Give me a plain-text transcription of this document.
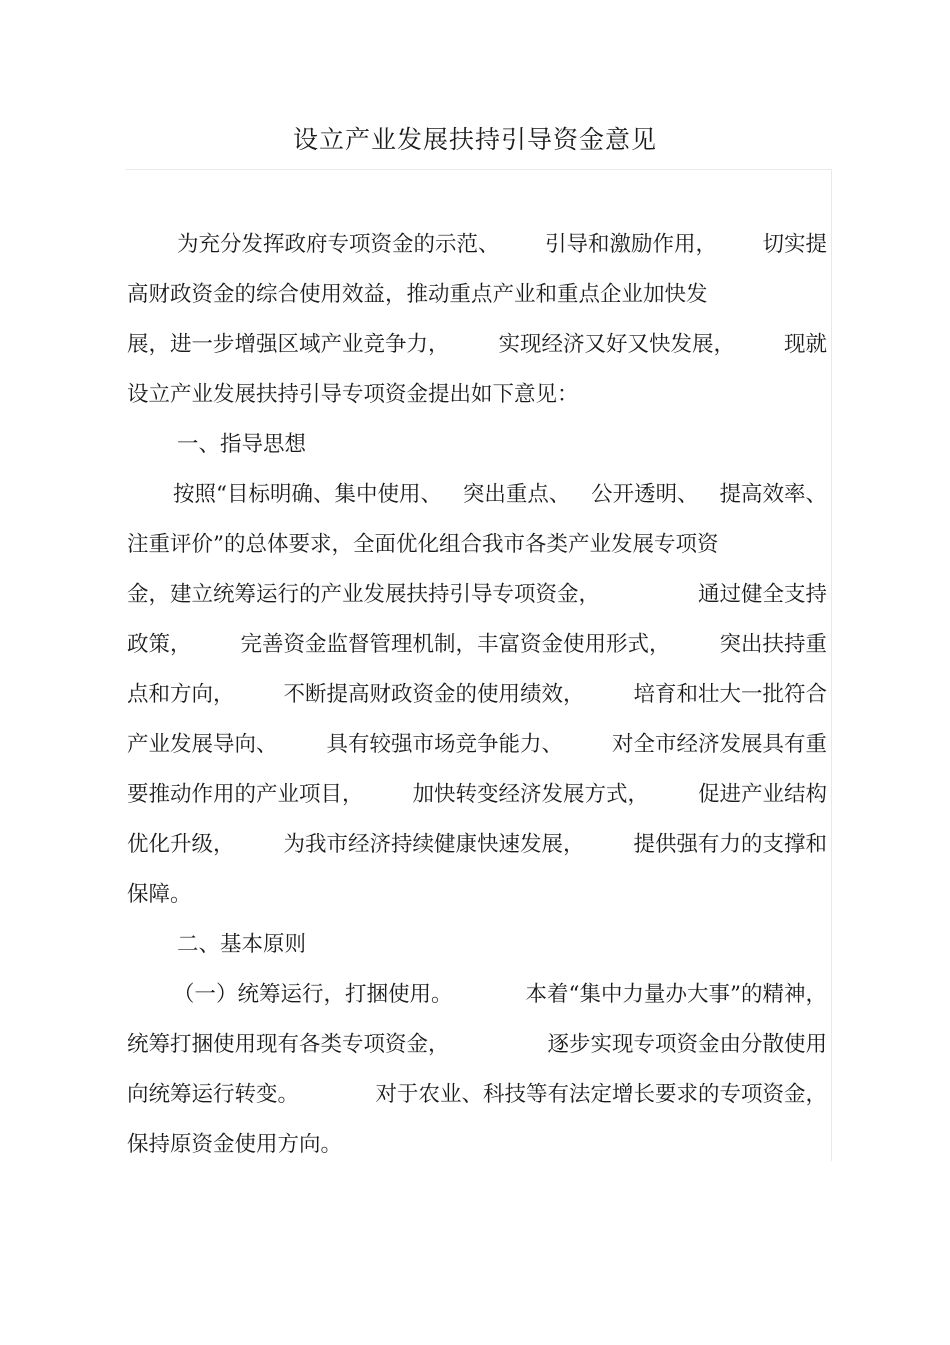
设立产业发展扶持引导资金意见
为充分发挥政府专项资金的示范、 引导和激励作用， 切实提
高财政资金的综合使用效益，推动重点产业和重点企业加快发
展，进一步增强区域产业竞争力， 实现经济又好又快发展， 现就
设立产业发展扶持引导专项资金提出如下意见：
一、指导思想
按照“目标明确、集中使用、 突出重点、 公开透明、 提高效率、
注重评价”的总体要求，全面优化组合我市各类产业发展专项资
金，建立统筹运行的产业发展扶持引导专项资金，	通过健全支持
政策， 完善资金监督管理机制，丰富资金使用形式， 突出扶持重
点和方向， 不断提高财政资金的使用绩效， 培育和壮大一批符合
产业发展导向、 具有较强市场竞争能力、 对全市经济发展具有重
要推动作用的产业项目， 加快转变经济发展方式， 促进产业结构
优化升级， 为我市经济持续健康快速发展， 提供强有力的支撑和
保障。
二、基本原则
（一）统筹运行，打捆使用。	本着“集中力量办大事”的精神，
统筹打捆使用现有各类专项资金，	逐步实现专项资金由分散使用
向统筹运行转变。	对于农业、科技等有法定增长要求的专项资金，
保持原资金使用方向。
